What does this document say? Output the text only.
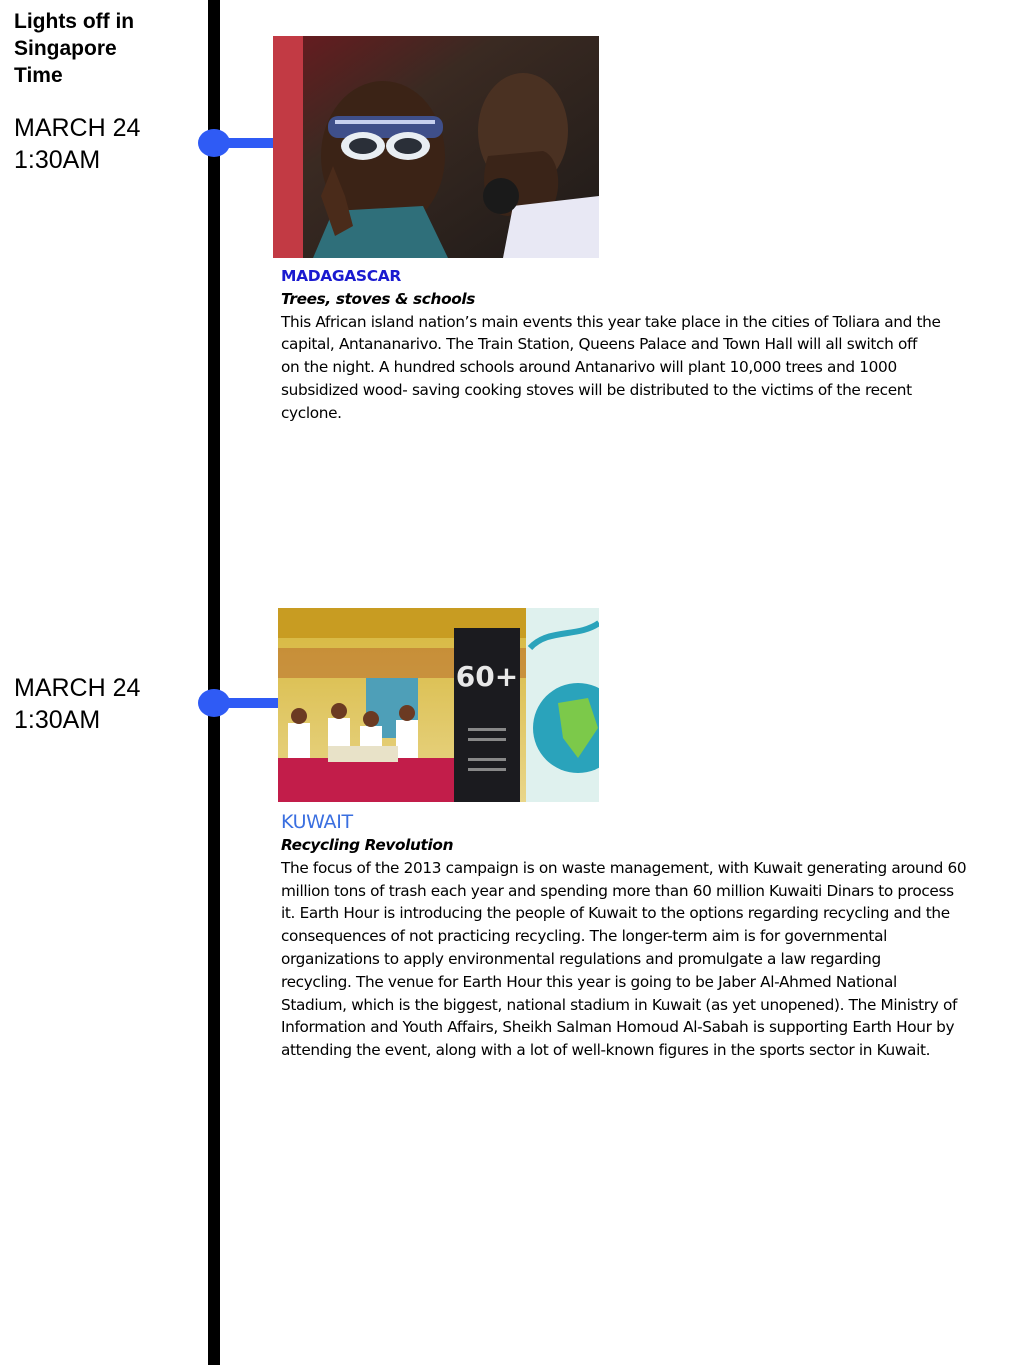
Lights off in
Singapore
Time
MARCH 24
1:30AM
MADAGASCAR
Trees, stoves & schools
This African island nation’s main events this year take place in the cities of Toliara and the
capital, Antananarivo. The Train Station, Queens Palace and Town Hall will all switch off
on the night. A hundred schools around Antanarivo will plant 10,000 trees and 1000
subsidized wood- saving cooking stoves will be distributed to the victims of the recent
cyclone.
MARCH 24
1:30AM
60+
KUWAIT
Recycling Revolution
The focus of the 2013 campaign is on waste management, with Kuwait generating around 60
million tons of trash each year and spending more than 60 million Kuwaiti Dinars to process
it. Earth Hour is introducing the people of Kuwait to the options regarding recycling and the
consequences of not practicing recycling. The longer-term aim is for governmental
organizations to apply environmental regulations and promulgate a law regarding
recycling. The venue for Earth Hour this year is going to be Jaber Al-Ahmed National
Stadium, which is the biggest, national stadium in Kuwait (as yet unopened). The Ministry of
Information and Youth Affairs, Sheikh Salman Homoud Al-Sabah is supporting Earth Hour by
attending the event, along with a lot of well-known figures in the sports sector in Kuwait.
